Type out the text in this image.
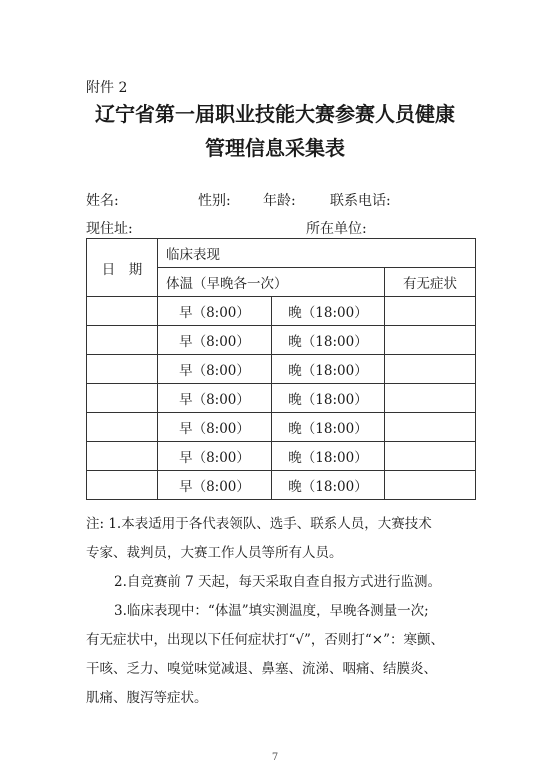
附件 2
辽宁省第一届职业技能大赛参赛人员健康
管理信息采集表
姓名:	性别: 年龄: 联系电话:
现住址:	所在单位:
日　期	临床表现		
	体温（早晚各一次）		有无症状
	早（8:00）	晚（18:00）	
	早（8:00）	晚（18:00）	
	早（8:00）	晚（18:00）	
	早（8:00）	晚（18:00）	
	早（8:00）	晚（18:00）	
	早（8:00）	晚（18:00）	
	早（8:00）	晚（18:00）	
注: 1.本表适用于各代表领队、选手、联系人员，大赛技术
专家、裁判员，大赛工作人员等所有人员。
2.自竞赛前 7 天起，每天采取自查自报方式进行监测。
3.临床表现中：“体温”填实测温度，早晚各测量一次;
有无症状中，出现以下任何症状打“√”，否则打“×”：寒颤、
干咳、乏力、嗅觉味觉减退、鼻塞、流涕、咽痛、结膜炎、
肌痛、腹泻等症状。
7
